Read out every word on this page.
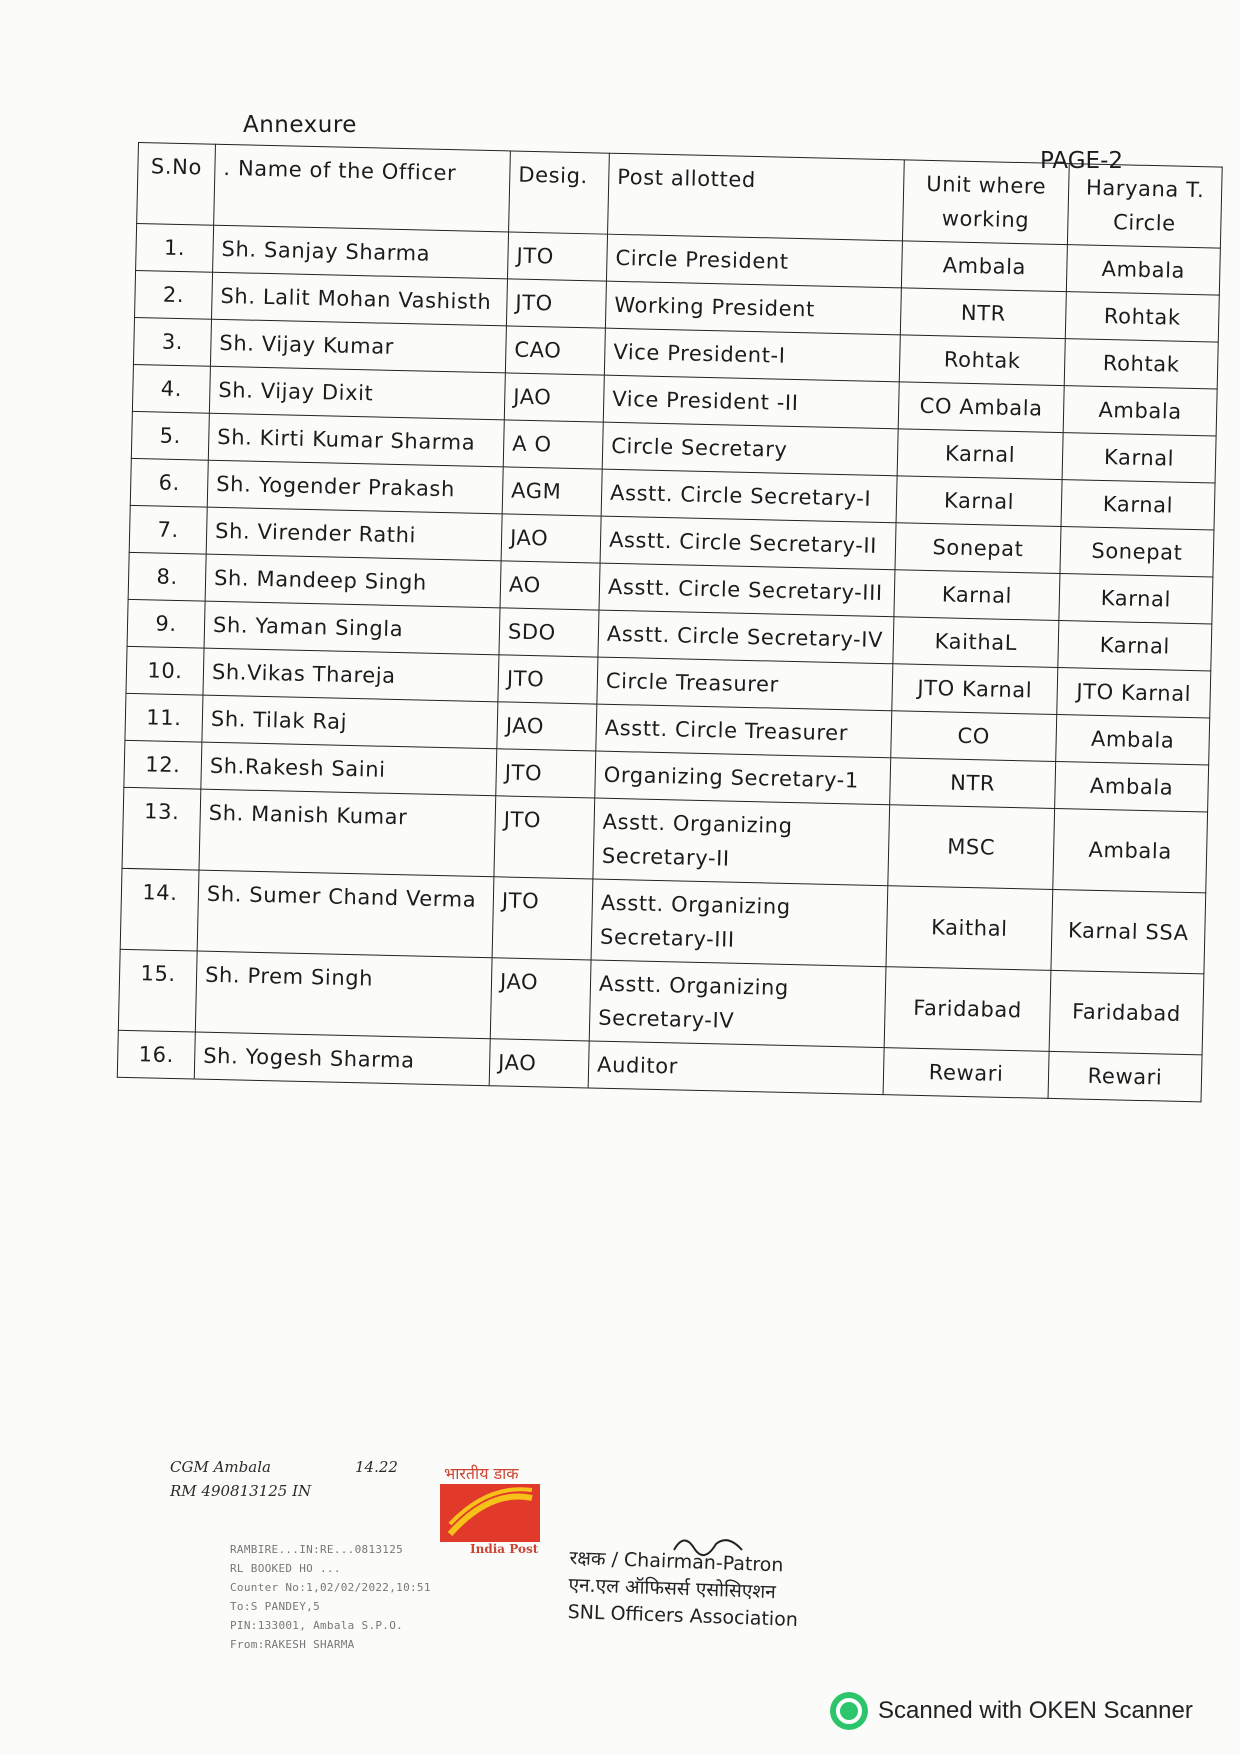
Annexure
PAGE-2
S.No	. Name of the Officer	Desig.	Post allotted	Unit where working	Haryana T. Circle
1.	Sh. Sanjay Sharma	JTO	Circle President	Ambala	Ambala
2.	Sh. Lalit Mohan Vashisth	JTO	Working President	NTR	Rohtak
3.	Sh. Vijay Kumar	CAO	Vice President-I	Rohtak	Rohtak
4.	Sh. Vijay Dixit	JAO	Vice President -II	CO Ambala	Ambala
5.	Sh. Kirti Kumar Sharma	A O	Circle Secretary	Karnal	Karnal
6.	Sh. Yogender Prakash	AGM	Asstt. Circle Secretary-I	Karnal	Karnal
7.	Sh. Virender Rathi	JAO	Asstt. Circle Secretary-II	Sonepat	Sonepat
8.	Sh. Mandeep Singh	AO	Asstt. Circle Secretary-III	Karnal	Karnal
9.	Sh. Yaman Singla	SDO	Asstt. Circle Secretary-IV	KaithaL	Karnal
10.	Sh.Vikas Thareja	JTO	Circle Treasurer	JTO Karnal	JTO Karnal
11.	Sh. Tilak Raj	JAO	Asstt. Circle Treasurer	CO	Ambala
12.	Sh.Rakesh Saini	JTO	Organizing Secretary-1	NTR	Ambala
13.	Sh. Manish Kumar	JTO	Asstt. Organizing Secretary-II	MSC	Ambala
14.	Sh. Sumer Chand Verma	JTO	Asstt. Organizing Secretary-III	Kaithal	Karnal SSA
15.	Sh. Prem Singh	JAO	Asstt. Organizing Secretary-IV	Faridabad	Faridabad
16.	Sh. Yogesh Sharma	JAO	Auditor	Rewari	Rewari
CGM Ambala
RM 490813125 IN
14.22	भारतीय डाक
India Post
RAMBIRE...IN:RE...0813125
RL BOOKED HO ...
Counter No:1,02/02/2022,10:51
To:S PANDEY,5
PIN:133001, Ambala S.P.O.
From:RAKESH SHARMA
रक्षक / Chairman-Patron
एन.एल ऑफिसर्स एसोसिएशन
SNL Officers Association
Scanned with OKEN Scanner
